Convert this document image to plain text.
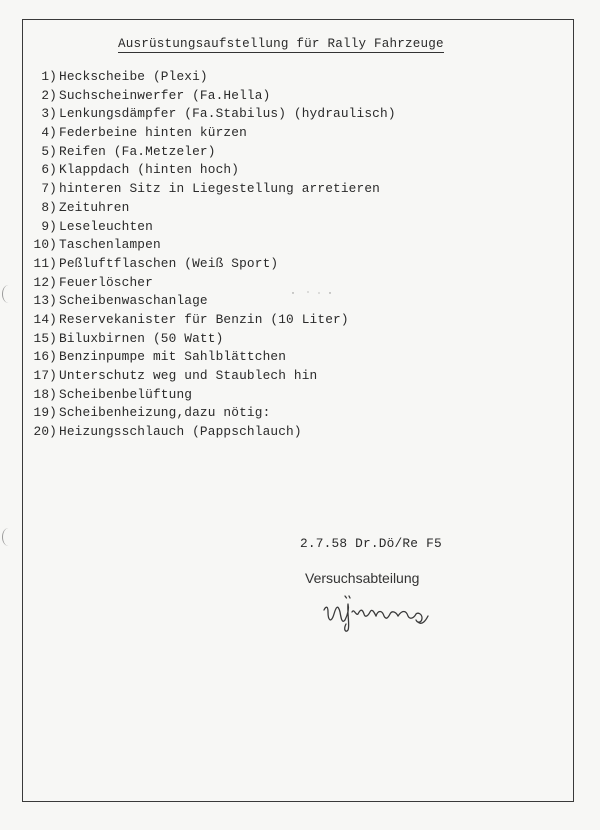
Ausrüstungsaufstellung für Rally Fahrzeuge
1) Heckscheibe (Plexi)
2) Suchscheinwerfer (Fa.Hella)
3) Lenkungsdämpfer (Fa.Stabilus) (hydraulisch)
4) Federbeine hinten kürzen
5) Reifen (Fa.Metzeler)
6) Klappdach (hinten hoch)
7) hinteren Sitz in Liegestellung arretieren
8) Zeituhren
9) Leseleuchten
10) Taschenlampen
11) Peßluftflaschen (Weiß Sport)
12) Feuerlöscher
13) Scheibenwaschanlage
14) Reservekanister für Benzin (10 Liter)
15) Biluxbirnen (50 Watt)
16) Benzinpumpe mit Sahlblättchen
17) Unterschutz weg und Staublech hin
18) Scheibenbelüftung
19) Scheibenheizung,dazu nötig:
20) Heizungsschlauch (Pappschlauch)
2.7.58 Dr.Dö/Re F5
Versuchsabteilung
